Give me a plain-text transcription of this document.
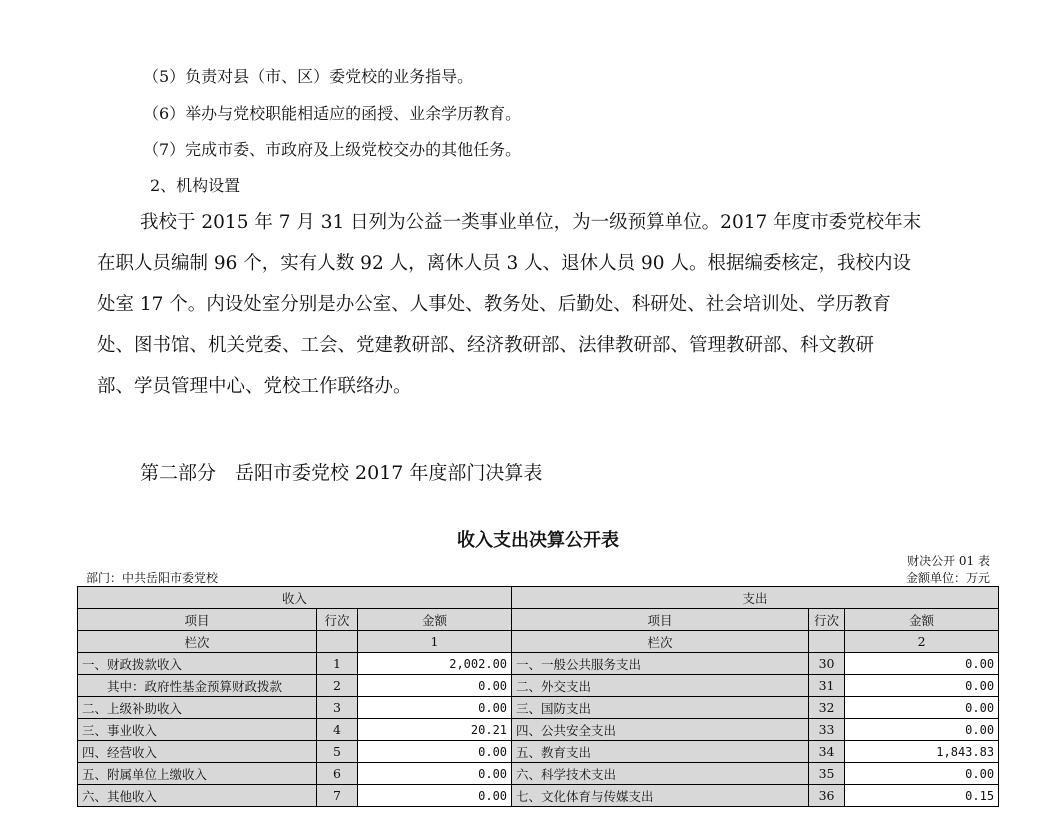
（5）负责对县（市、区）委党校的业务指导。
（6）举办与党校职能相适应的函授、业余学历教育。
（7）完成市委、市政府及上级党校交办的其他任务。
2、机构设置
我校于 2015 年 7 月 31 日列为公益一类事业单位，为一级预算单位。2017 年度市委党校年末
在职人员编制 96 个，实有人数 92 人，离休人员 3 人、退休人员 90 人。根据编委核定，我校内设
处室 17 个。内设处室分别是办公室、人事处、教务处、后勤处、科研处、社会培训处、学历教育
处、图书馆、机关党委、工会、党建教研部、经济教研部、法律教研部、管理教研部、科文教研
部、学员管理中心、党校工作联络办。
第二部分　岳阳市委党校 2017 年度部门决算表
收入支出决算公开表
财决公开 01 表
部门：中共岳阳市委党校	金额单位：万元
收入			支出		
项目	行次	金额	项目	行次	金额
栏次		1	栏次		2
一、财政拨款收入	1	2,002.00	一、一般公共服务支出	30	0.00
　　其中：政府性基金预算财政拨款	2	0.00	二、外交支出	31	0.00
二、上级补助收入	3	0.00	三、国防支出	32	0.00
三、事业收入	4	20.21	四、公共安全支出	33	0.00
四、经营收入	5	0.00	五、教育支出	34	1,843.83
五、附属单位上缴收入	6	0.00	六、科学技术支出	35	0.00
六、其他收入	7	0.00	七、文化体育与传媒支出	36	0.15
